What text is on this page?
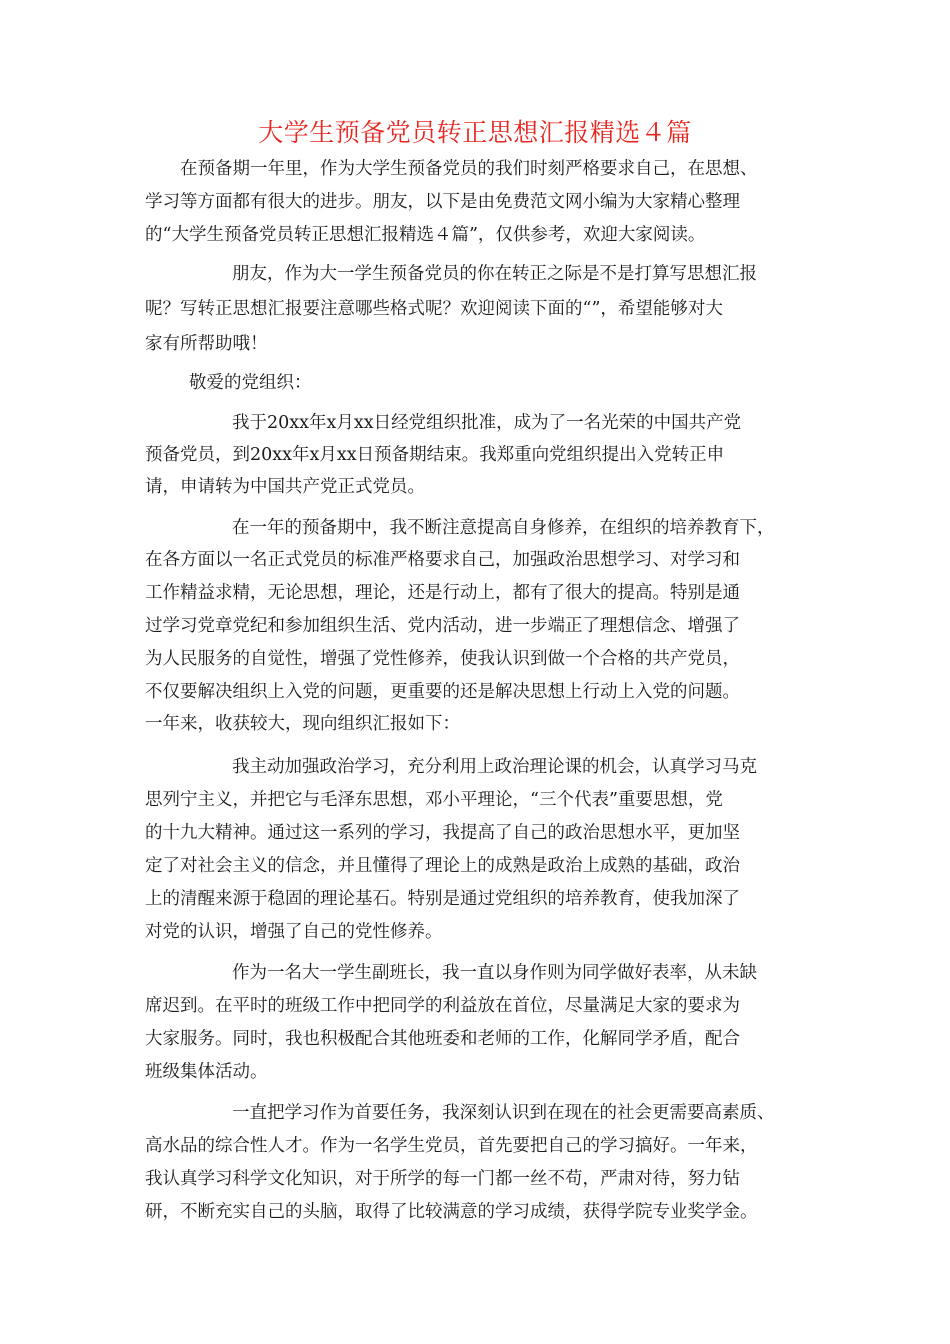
大学生预备党员转正思想汇报精选４篇
在预备期一年里，作为大学生预备党员的我们时刻严格要求自己，在思想、
学习等方面都有很大的进步。朋友，以下是由免费范文网小编为大家精心整理
的“大学生预备党员转正思想汇报精选４篇”，仅供参考，欢迎大家阅读。
朋友，作为大一学生预备党员的你在转正之际是不是打算写思想汇报
呢？写转正思想汇报要注意哪些格式呢？欢迎阅读下面的“”，希望能够对大
家有所帮助哦！
敬爱的党组织：
我于20xx年x月xx日经党组织批准，成为了一名光荣的中国共产党
预备党员，到20xx年x月xx日预备期结束。我郑重向党组织提出入党转正申
请，申请转为中国共产党正式党员。
在一年的预备期中，我不断注意提高自身修养，在组织的培养教育下，
在各方面以一名正式党员的标准严格要求自己，加强政治思想学习、对学习和
工作精益求精，无论思想，理论，还是行动上，都有了很大的提高。特别是通
过学习党章党纪和参加组织生活、党内活动，进一步端正了理想信念、增强了
为人民服务的自觉性，增强了党性修养，使我认识到做一个合格的共产党员，
不仅要解决组织上入党的问题，更重要的还是解决思想上行动上入党的问题。
一年来，收获较大，现向组织汇报如下：
我主动加强政治学习，充分利用上政治理论课的机会，认真学习马克
思列宁主义，并把它与毛泽东思想，邓小平理论，“三个代表”重要思想，党
的十九大精神。通过这一系列的学习，我提高了自己的政治思想水平，更加坚
定了对社会主义的信念，并且懂得了理论上的成熟是政治上成熟的基础，政治
上的清醒来源于稳固的理论基石。特别是通过党组织的培养教育，使我加深了
对党的认识，增强了自己的党性修养。
作为一名大一学生副班长，我一直以身作则为同学做好表率，从未缺
席迟到。在平时的班级工作中把同学的利益放在首位，尽量满足大家的要求为
大家服务。同时，我也积极配合其他班委和老师的工作，化解同学矛盾，配合
班级集体活动。
一直把学习作为首要任务，我深刻认识到在现在的社会更需要高素质、
高水品的综合性人才。作为一名学生党员，首先要把自己的学习搞好。一年来，
我认真学习科学文化知识，对于所学的每一门都一丝不苟，严肃对待，努力钻
研，不断充实自己的头脑，取得了比较满意的学习成绩，获得学院专业奖学金。
